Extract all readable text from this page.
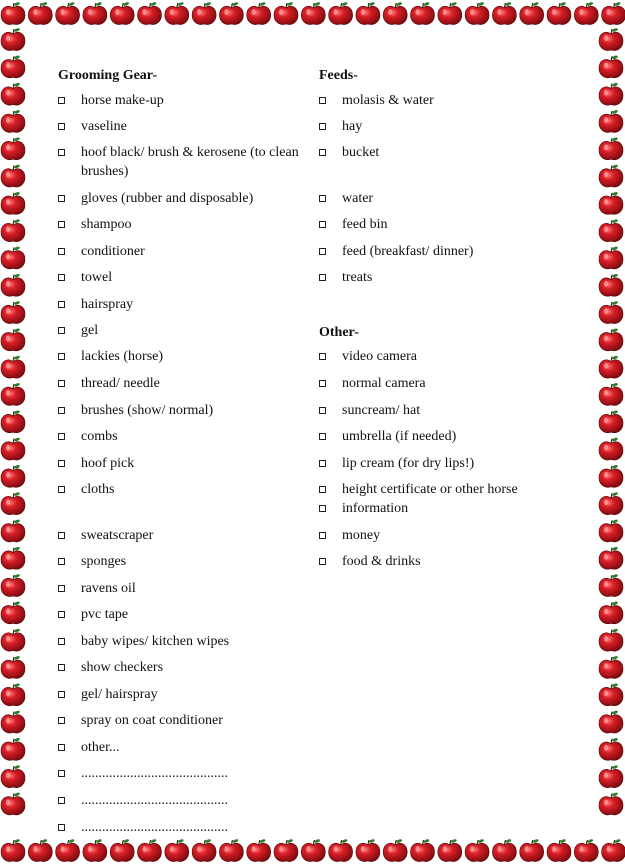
Grooming Gear-
horse make-up
vaseline
hoof black/ brush & kerosene (to clean brushes)
gloves (rubber and disposable)
shampoo
conditioner
towel
hairspray
gel
lackies (horse)
thread/ needle
brushes (show/ normal)
combs
hoof pick
cloths
sweatscraper
sponges
ravens oil
pvc tape
baby wipes/ kitchen wipes
show checkers
gel/ hairspray
spray on coat conditioner
other...
..........................................
..........................................
..........................................
Feeds-
molasis & water
hay
bucket
water
feed bin
feed (breakfast/ dinner)
treats
Other-
video camera
normal camera
suncream/ hat
umbrella (if needed)
lip cream (for dry lips!)
height certificate or other horse information
money
food & drinks
